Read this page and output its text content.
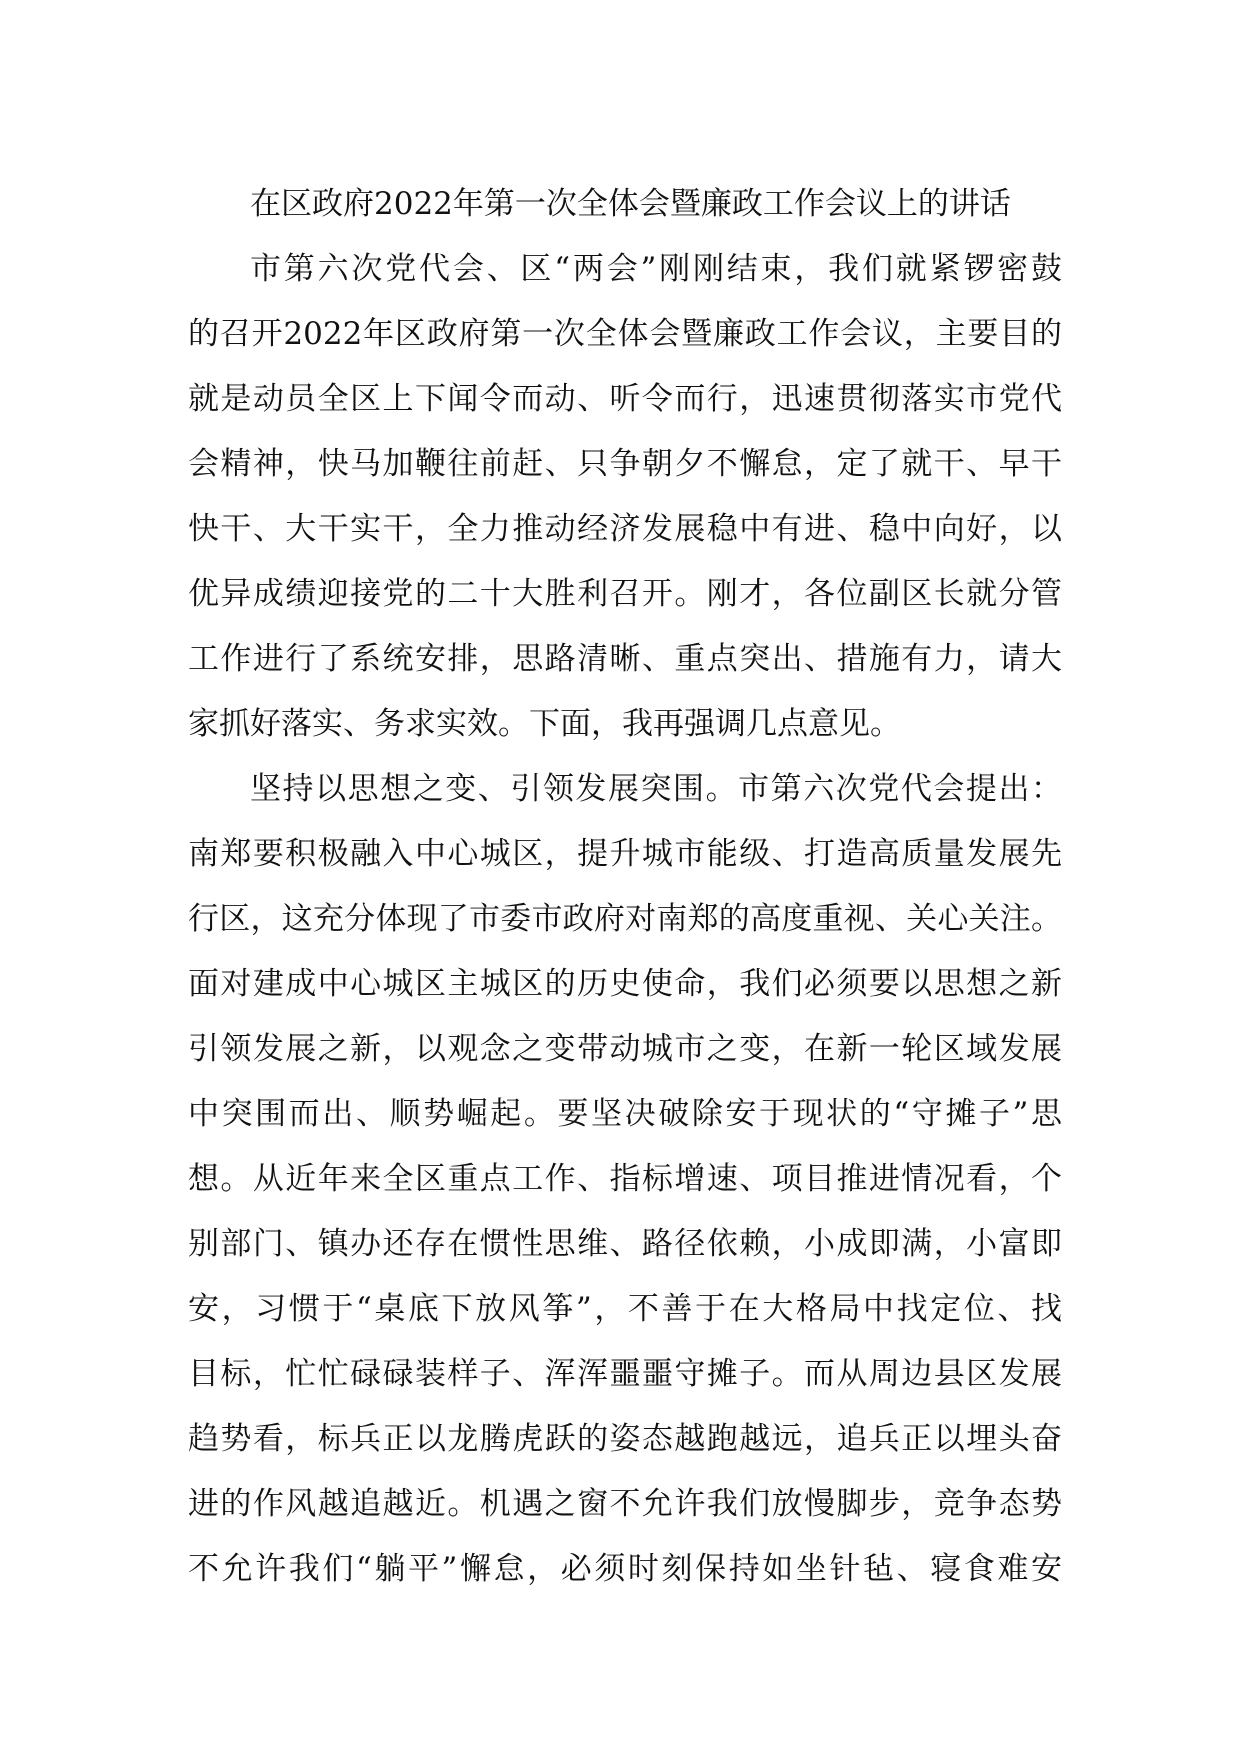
在区政府2022年第一次全体会暨廉政工作会议上的讲话

市第六次党代会、区“两会”刚刚结束，我们就紧锣密鼓
的召开2022年区政府第一次全体会暨廉政工作会议，主要目的
就是动员全区上下闻令而动、听令而行，迅速贯彻落实市党代
会精神，快马加鞭往前赶、只争朝夕不懈怠，定了就干、早干
快干、大干实干，全力推动经济发展稳中有进、稳中向好，以
优异成绩迎接党的二十大胜利召开。刚才，各位副区长就分管
工作进行了系统安排，思路清晰、重点突出、措施有力，请大
家抓好落实、务求实效。下面，我再强调几点意见。

坚持以思想之变、引领发展突围。市第六次党代会提出：
南郑要积极融入中心城区，提升城市能级、打造高质量发展先
行区，这充分体现了市委市政府对南郑的高度重视、关心关注。
面对建成中心城区主城区的历史使命，我们必须要以思想之新
引领发展之新，以观念之变带动城市之变，在新一轮区域发展
中突围而出、顺势崛起。要坚决破除安于现状的“守摊子”思
想。从近年来全区重点工作、指标增速、项目推进情况看，个
别部门、镇办还存在惯性思维、路径依赖，小成即满，小富即
安，习惯于“桌底下放风筝”，不善于在大格局中找定位、找
目标，忙忙碌碌装样子、浑浑噩噩守摊子。而从周边县区发展
趋势看，标兵正以龙腾虎跃的姿态越跑越远，追兵正以埋头奋
进的作风越追越近。机遇之窗不允许我们放慢脚步，竞争态势
不允许我们“躺平”懈怠，必须时刻保持如坐针毡、寝食难安
